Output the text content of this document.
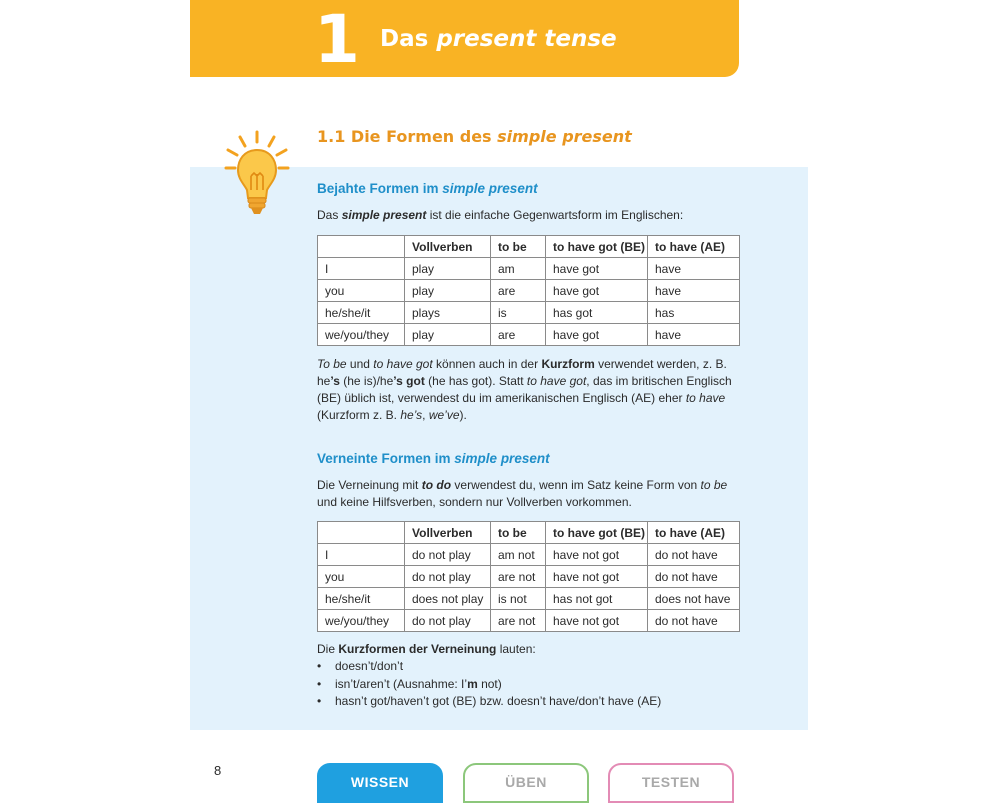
1 Das present tense
1.1 Die Formen des simple present
Bejahte Formen im simple present
Das simple present ist die einfache Gegenwartsform im Englischen:
	Vollverben	to be	to have got (BE)	to have (AE)
I	play	am	have got	have
you	play	are	have got	have
he/she/it	plays	is	has got	has
we/you/they	play	are	have got	have
To be und to have got können auch in der Kurzform verwendet werden, z. B.
he’s (he is)/he’s got (he has got). Statt to have got, das im britischen Englisch (BE) üblich ist, verwendest du im amerikanischen Englisch (AE) eher to have (Kurzform z. B. he’s, we’ve).
Verneinte Formen im simple present
Die Verneinung mit to do verwendest du, wenn im Satz keine Form von to be und keine Hilfsverben, sondern nur Vollverben vorkommen.
	Vollverben	to be	to have got (BE)	to have (AE)
I	do not play	am not	have not got	do not have
you	do not play	are not	have not got	do not have
he/she/it	does not play	is not	has not got	does not have
we/you/they	do not play	are not	have not got	do not have
Die Kurzformen der Verneinung lauten:
• doesn’t/don’t
• isn’t/aren’t (Ausnahme: I’m not)
• hasn’t got/haven’t got (BE) bzw. doesn’t have/don’t have (AE)
8
WISSEN	ÜBEN	TESTEN
